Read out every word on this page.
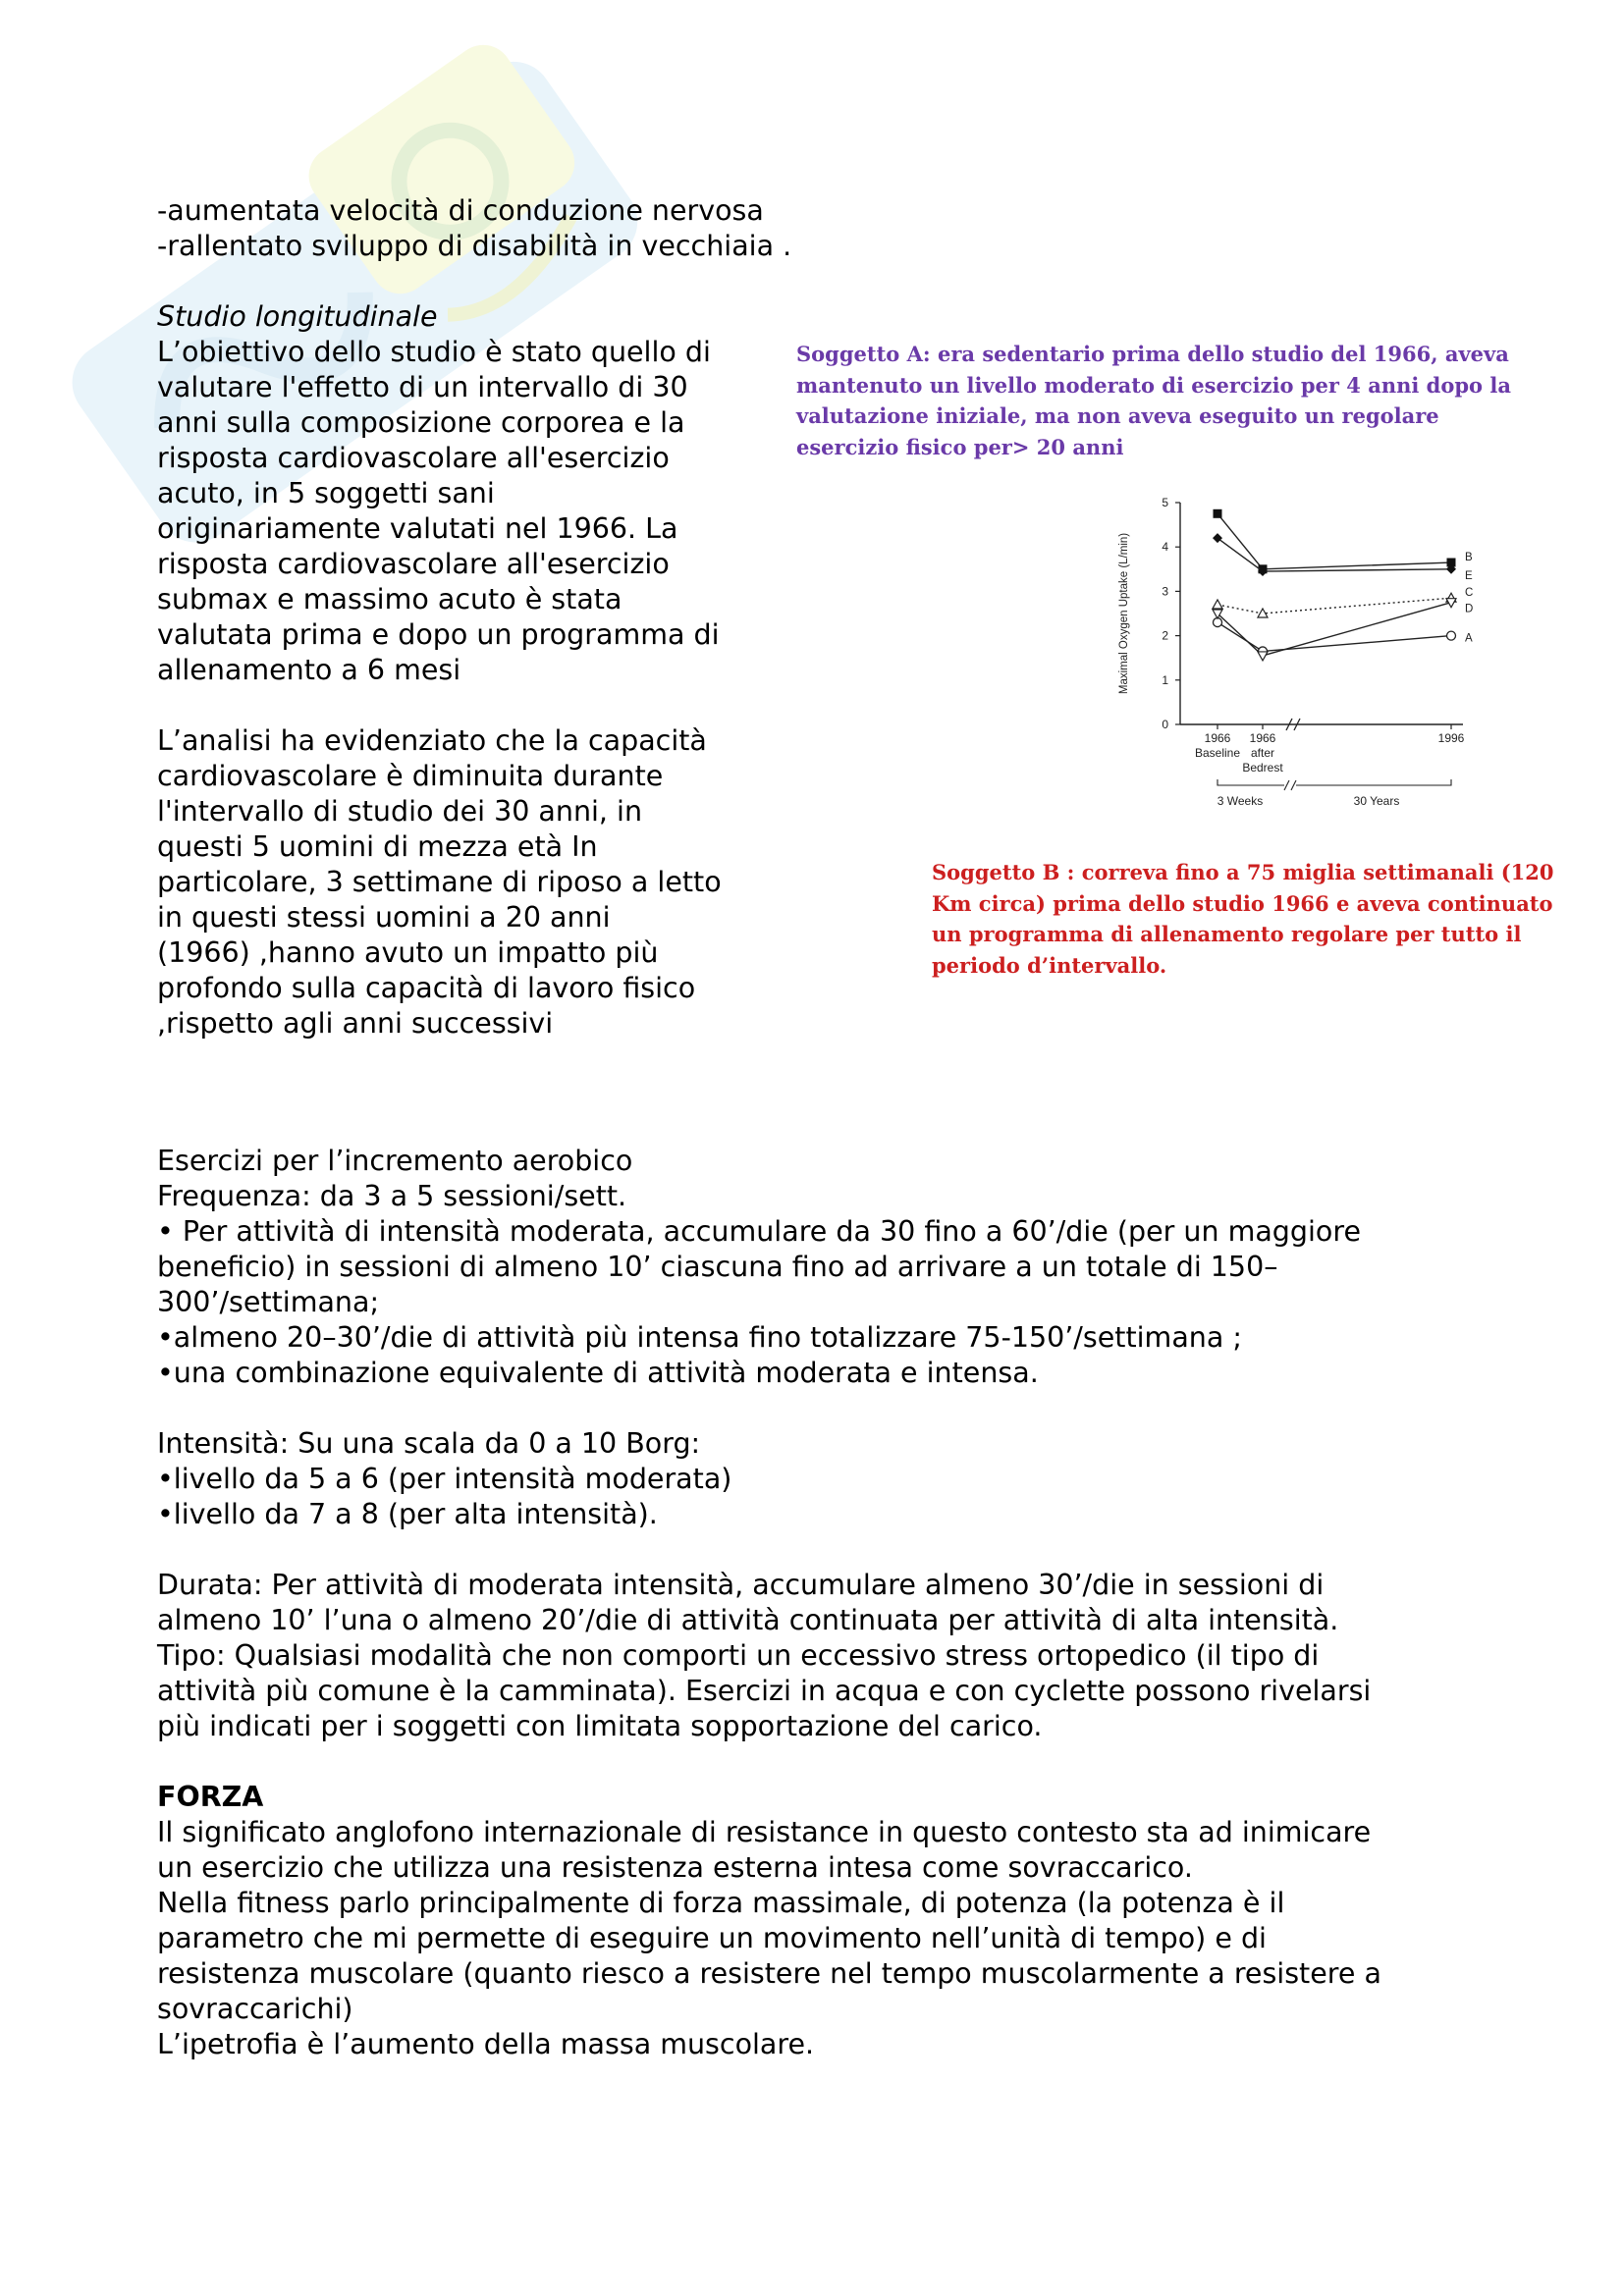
-aumentata velocità di conduzione nervosa
-rallentato sviluppo di disabilità in vecchiaia .

Studio longitudinale

L’obiettivo dello studio è stato quello di

valutare l'effetto di un intervallo di 30

anni sulla composizione corporea e la

risposta cardiovascolare all'esercizio

acuto, in 5 soggetti sani

originariamente valutati nel 1966. La

risposta cardiovascolare all'esercizio

submax e massimo acuto è stata

valutata prima e dopo un programma di

allenamento a 6 mesi

L’analisi ha evidenziato che la capacità

cardiovascolare è diminuita durante

l'intervallo di studio dei 30 anni, in

questi 5 uomini di mezza età In

particolare, 3 settimane di riposo a letto

in questi stessi uomini a 20 anni

(1966) ,hanno avuto un impatto più

profondo sulla capacità di lavoro fisico

,rispetto agli anni successivi

Soggetto A: era sedentario prima dello studio del 1966, aveva mantenuto un livello moderato di esercizio per 4 anni dopo la valutazione iniziale, ma non aveva eseguito un regolare esercizio fisico per> 20 anni
Soggetto B : correva fino a 75 miglia settimanali (120 Km circa) prima dello studio 1966 e aveva continuato un programma di allenamento regolare per tutto il periodo d’intervallo.
0
1
2
3
4
5
Maximal Oxygen Uptake (L/min)
1966
Baseline
1966
after
Bedrest
1996
3 Weeks	30 Years
A
B
C
D
E

Esercizi per l’incremento aerobico

Frequenza: da 3 a 5 sessioni/sett.

• Per attività di intensità moderata, accumulare da 30 fino a 60’/die (per un maggiore

beneficio) in sessioni di almeno 10’ ciascuna fino ad arrivare a un totale di 150–

300’/settimana;

•almeno 20–30’/die di attività più intensa fino totalizzare 75-150’/settimana ;

•una combinazione equivalente di attività moderata e intensa.

Intensità: Su una scala da 0 a 10 Borg:

•livello da 5 a 6 (per intensità moderata)

•livello da 7 a 8 (per alta intensità).

Durata: Per attività di moderata intensità, accumulare almeno 30’/die in sessioni di

almeno 10’ l’una o almeno 20’/die di attività continuata per attività di alta intensità.

Tipo: Qualsiasi modalità che non comporti un eccessivo stress ortopedico (il tipo di

attività più comune è la camminata). Esercizi in acqua e con cyclette possono rivelarsi

più indicati per i soggetti con limitata sopportazione del carico.

FORZA

Il significato anglofono internazionale di resistance in questo contesto sta ad inimicare

un esercizio che utilizza una resistenza esterna intesa come sovraccarico.

Nella fitness parlo principalmente di forza massimale, di potenza (la potenza è il

parametro che mi permette di eseguire un movimento nell’unità di tempo) e di

resistenza muscolare (quanto riesco a resistere nel tempo muscolarmente a resistere a

sovraccarichi)

L’ipetrofia è l’aumento della massa muscolare.
